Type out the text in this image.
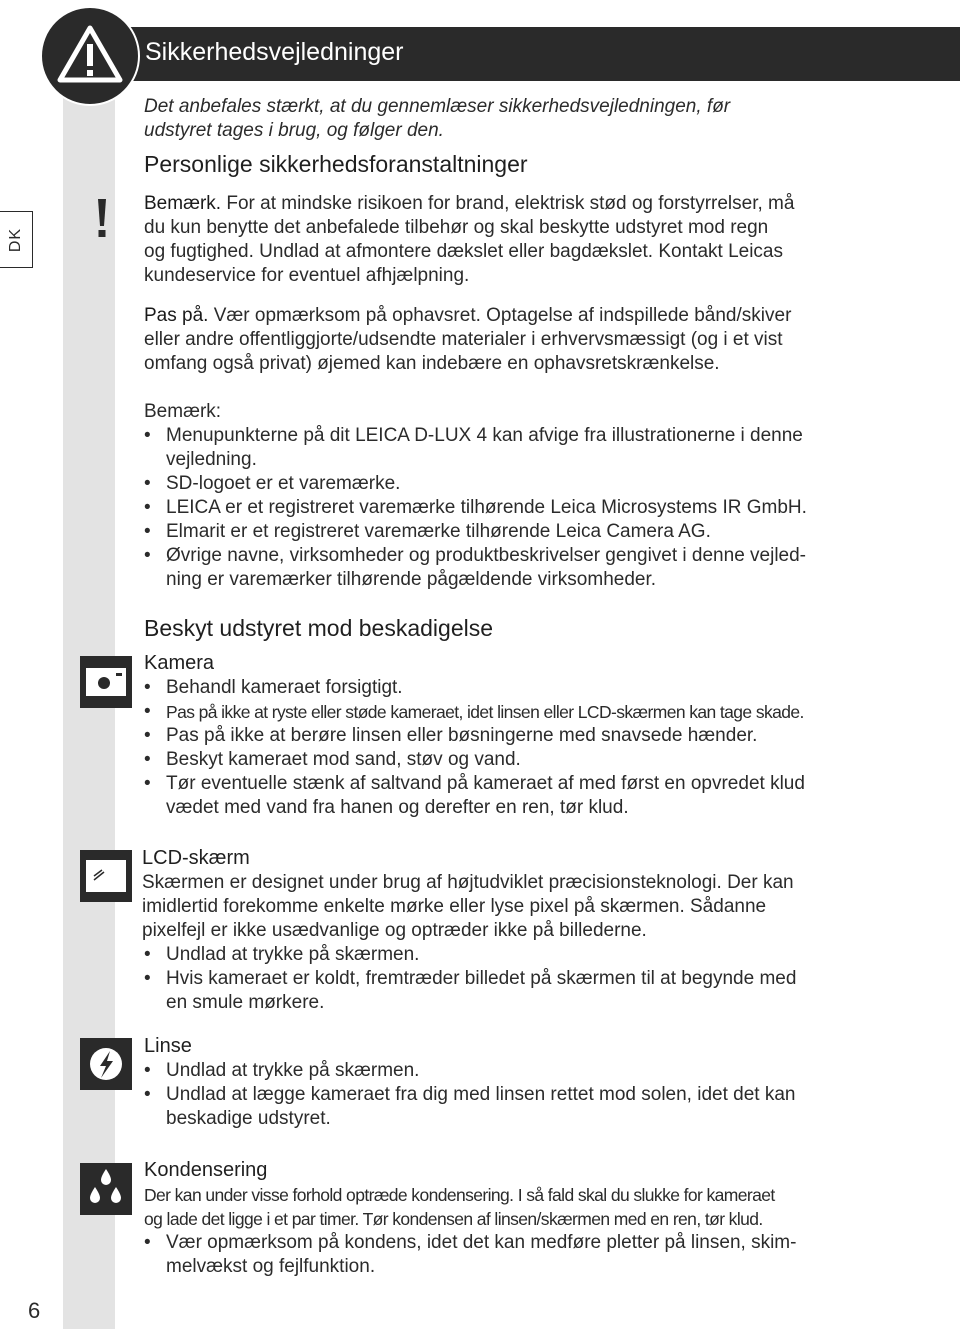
Sikkerhedsvejledninger
DK
6
Det anbefales stærkt, at du gennemlæser sikkerhedsvejledningen, før
udstyret tages i brug, og følger den.
Personlige sikkerhedsforanstaltninger
Bemærk. For at mindske risikoen for brand, elektrisk stød og forstyrrelser, må
du kun benytte det anbefalede tilbehør og skal beskytte udstyret mod regn
og fugtighed. Undlad at afmontere dækslet eller bagdækslet. Kontakt Leicas
kundeservice for eventuel afhjælpning.
Pas på. Vær opmærksom på ophavsret. Optagelse af indspillede bånd/skiver
eller andre offentliggjorte/udsendte materialer i erhvervsmæssigt (og i et vist
omfang også privat) øjemed kan indebære en ophavsretskrænkelse.
Bemærk:
• Menupunkterne på dit LEICA D-LUX 4 kan afvige fra illustrationerne i denne
vejledning.
• SD-logoet er et varemærke.
• LEICA er et registreret varemærke tilhørende Leica Microsystems IR GmbH.
• Elmarit er et registreret varemærke tilhørende Leica Camera AG.
• Øvrige navne, virksomheder og produktbeskrivelser gengivet i denne vejled-
ning er varemærker tilhørende pågældende virksomheder.
Beskyt udstyret mod beskadigelse
Kamera
• Behandl kameraet forsigtigt.
• Pas på ikke at ryste eller støde kameraet, idet linsen eller LCD-skærmen kan tage skade.
• Pas på ikke at berøre linsen eller bøsningerne med snavsede hænder.
• Beskyt kameraet mod sand, støv og vand.
• Tør eventuelle stænk af saltvand på kameraet af med først en opvredet klud
vædet med vand fra hanen og derefter en ren, tør klud.
LCD-skærm
Skærmen er designet under brug af højtudviklet præcisionsteknologi. Der kan
imidlertid forekomme enkelte mørke eller lyse pixel på skærmen. Sådanne
pixelfejl er ikke usædvanlige og optræder ikke på billederne.
• Undlad at trykke på skærmen.
• Hvis kameraet er koldt, fremtræder billedet på skærmen til at begynde med
en smule mørkere.
Linse
• Undlad at trykke på skærmen.
• Undlad at lægge kameraet fra dig med linsen rettet mod solen, idet det kan
beskadige udstyret.
Kondensering
Der kan under visse forhold optræde kondensering. I så fald skal du slukke for kameraet
og lade det ligge i et par timer. Tør kondensen af linsen/skærmen med en ren, tør klud.
• Vær opmærksom på kondens, idet det kan medføre pletter på linsen, skim-
melvækst og fejlfunktion.
